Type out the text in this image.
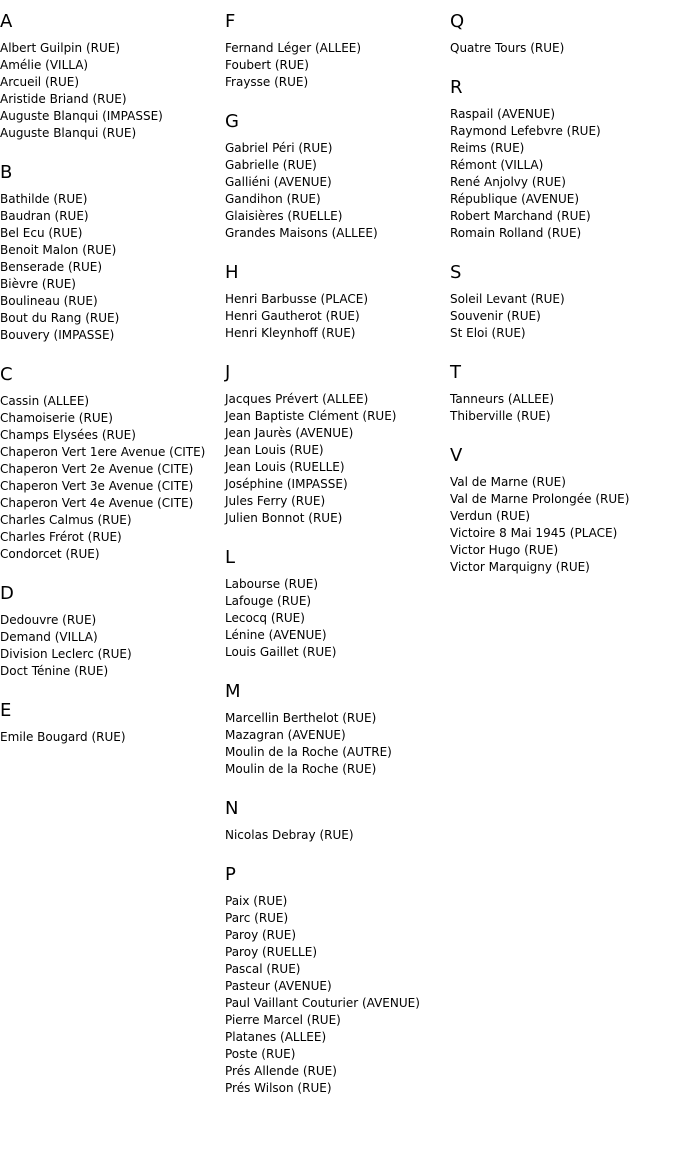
A
Albert Guilpin (RUE)
Amélie (VILLA)
Arcueil (RUE)
Aristide Briand (RUE)
Auguste Blanqui (IMPASSE)
Auguste Blanqui (RUE)
B
Bathilde (RUE)
Baudran (RUE)
Bel Ecu (RUE)
Benoit Malon (RUE)
Benserade (RUE)
Bièvre (RUE)
Boulineau (RUE)
Bout du Rang (RUE)
Bouvery (IMPASSE)
C
Cassin (ALLEE)
Chamoiserie (RUE)
Champs Elysées (RUE)
Chaperon Vert 1ere Avenue (CITE)
Chaperon Vert 2e Avenue (CITE)
Chaperon Vert 3e Avenue (CITE)
Chaperon Vert 4e Avenue (CITE)
Charles Calmus (RUE)
Charles Frérot (RUE)
Condorcet (RUE)
D
Dedouvre (RUE)
Demand (VILLA)
Division Leclerc (RUE)
Doct Ténine (RUE)
E
Emile Bougard (RUE)
F
Fernand Léger (ALLEE)
Foubert (RUE)
Fraysse (RUE)
G
Gabriel Péri (RUE)
Gabrielle (RUE)
Galliéni (AVENUE)
Gandihon (RUE)
Glaisières (RUELLE)
Grandes Maisons (ALLEE)
H
Henri Barbusse (PLACE)
Henri Gautherot (RUE)
Henri Kleynhoff (RUE)
J
Jacques Prévert (ALLEE)
Jean Baptiste Clément (RUE)
Jean Jaurès (AVENUE)
Jean Louis (RUE)
Jean Louis (RUELLE)
Joséphine (IMPASSE)
Jules Ferry (RUE)
Julien Bonnot (RUE)
L
Labourse (RUE)
Lafouge (RUE)
Lecocq (RUE)
Lénine (AVENUE)
Louis Gaillet (RUE)
M
Marcellin Berthelot (RUE)
Mazagran (AVENUE)
Moulin de la Roche (AUTRE)
Moulin de la Roche (RUE)
N
Nicolas Debray (RUE)
P
Paix (RUE)
Parc (RUE)
Paroy (RUE)
Paroy (RUELLE)
Pascal (RUE)
Pasteur (AVENUE)
Paul Vaillant Couturier (AVENUE)
Pierre Marcel (RUE)
Platanes (ALLEE)
Poste (RUE)
Prés Allende (RUE)
Prés Wilson (RUE)
Q
Quatre Tours (RUE)
R
Raspail (AVENUE)
Raymond Lefebvre (RUE)
Reims (RUE)
Rémont (VILLA)
René Anjolvy (RUE)
République (AVENUE)
Robert Marchand (RUE)
Romain Rolland (RUE)
S
Soleil Levant (RUE)
Souvenir (RUE)
St Eloi (RUE)
T
Tanneurs (ALLEE)
Thiberville (RUE)
V
Val de Marne (RUE)
Val de Marne Prolongée (RUE)
Verdun (RUE)
Victoire 8 Mai 1945 (PLACE)
Victor Hugo (RUE)
Victor Marquigny (RUE)
